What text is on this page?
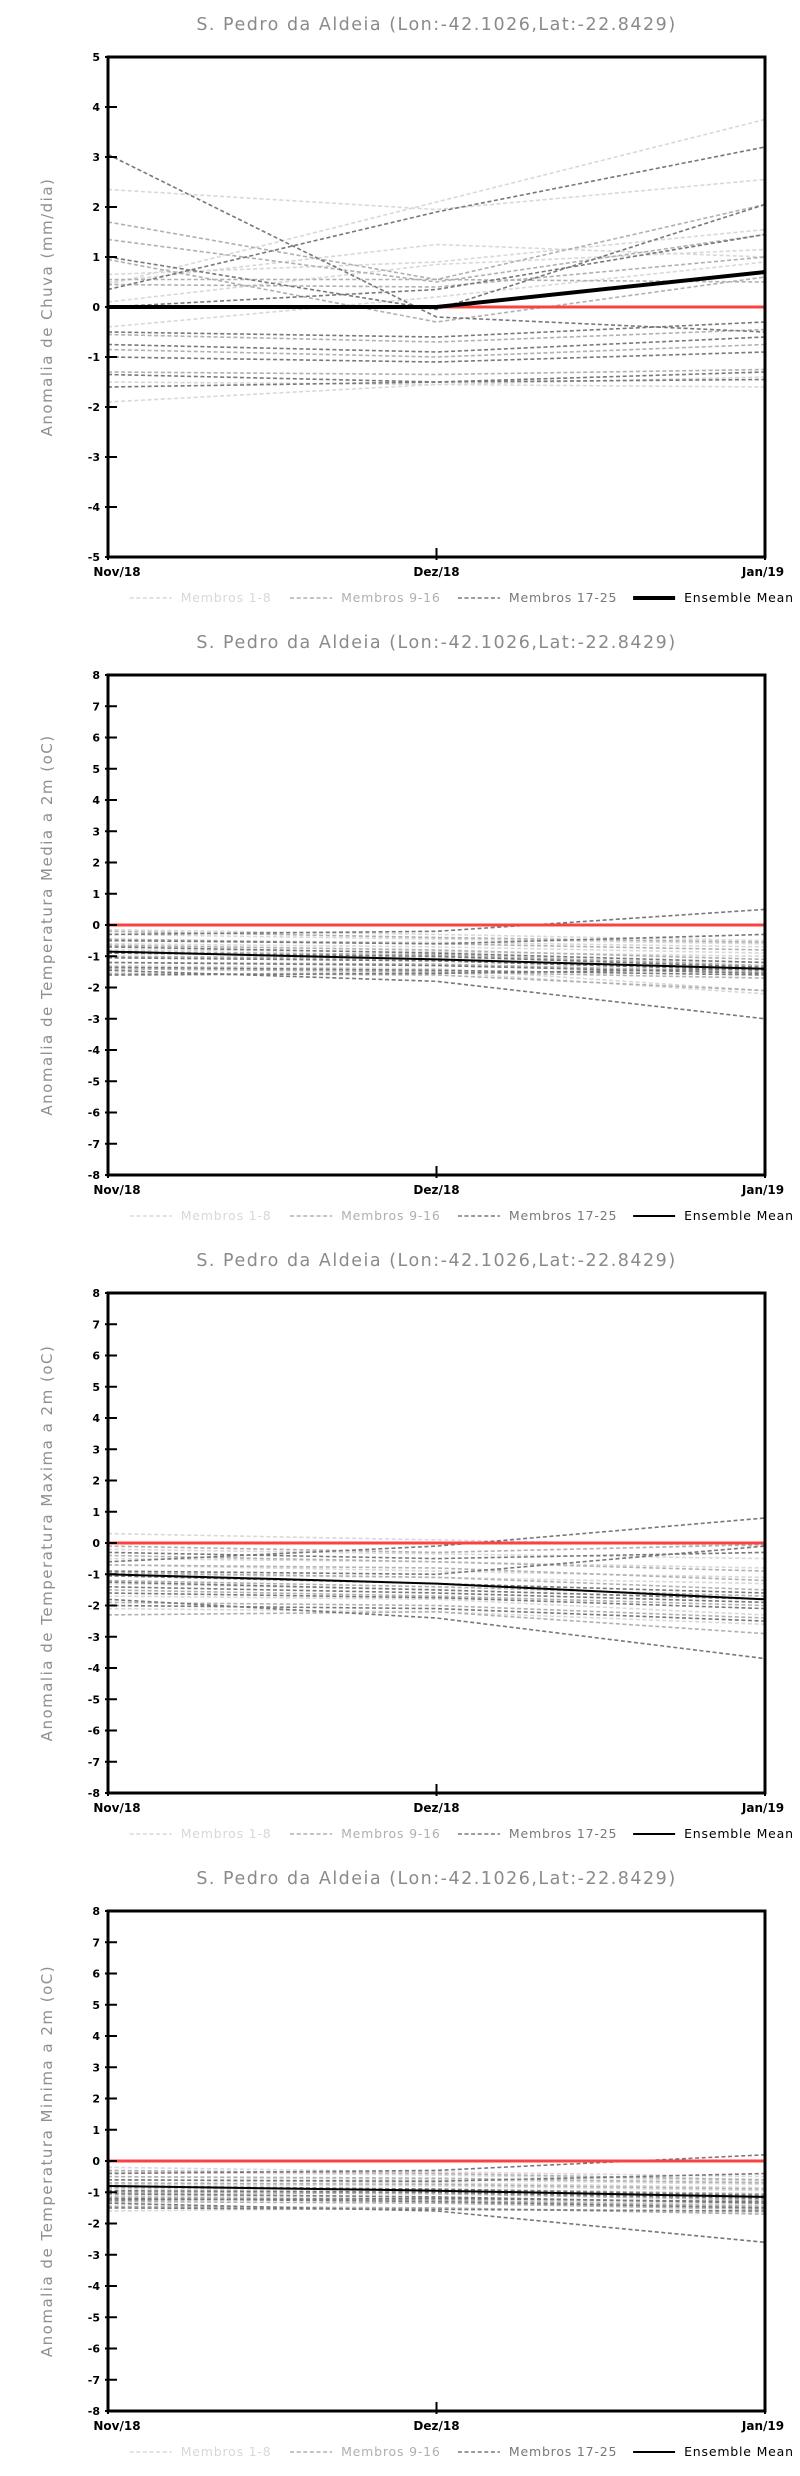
S. Pedro da Aldeia (Lon:-42.1026,Lat:-22.8429)
Anomalia de Chuva (mm/dia)
-5
-4
-3
-2
-1
0
1
2
3
4
5
Nov/18	Dez/18	Jan/19
Membros 1-8	Membros 9-16	Membros 17-25	Ensemble Mean
S. Pedro da Aldeia (Lon:-42.1026,Lat:-22.8429)
Anomalia de Temperatura Media a 2m (oC)
-8
-7
-6
-5
-4
-3
-2
-1
0
1
2
3
4
5
6
7
8
Nov/18	Dez/18	Jan/19
Membros 1-8	Membros 9-16	Membros 17-25	Ensemble Mean
S. Pedro da Aldeia (Lon:-42.1026,Lat:-22.8429)
Anomalia de Temperatura Maxima a 2m (oC)
-8
-7
-6
-5
-4
-3
-2
-1
0
1
2
3
4
5
6
7
8
Nov/18	Dez/18	Jan/19
Membros 1-8	Membros 9-16	Membros 17-25	Ensemble Mean
S. Pedro da Aldeia (Lon:-42.1026,Lat:-22.8429)
Anomalia de Temperatura Minima a 2m (oC)
-8
-7
-6
-5
-4
-3
-2
-1
0
1
2
3
4
5
6
7
8
Nov/18	Dez/18	Jan/19
Membros 1-8	Membros 9-16	Membros 17-25	Ensemble Mean
